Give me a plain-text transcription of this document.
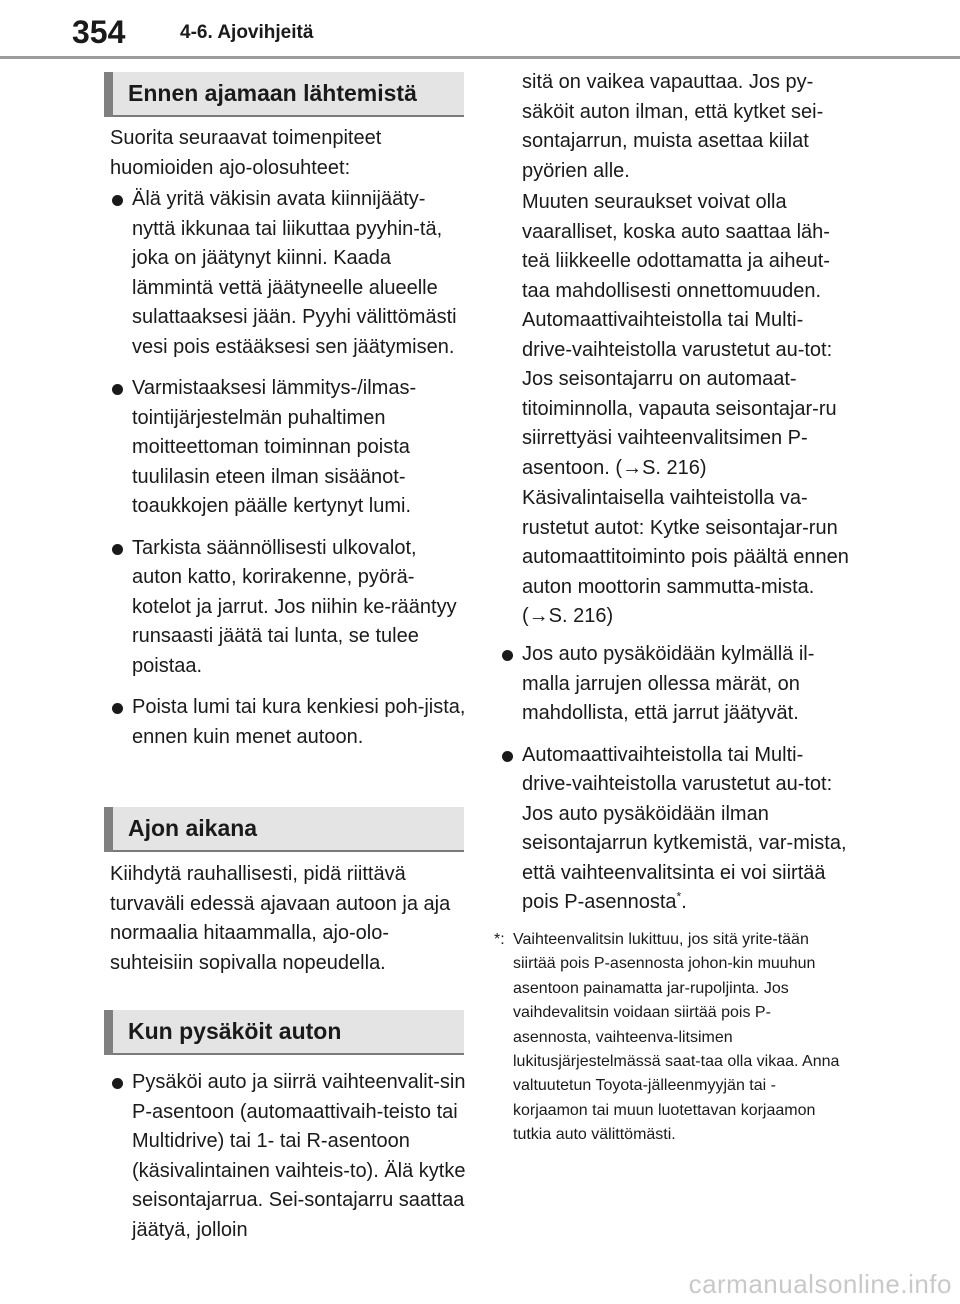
354	4-6. Ajovihjeitä
Ennen ajamaan lähtemistä

Suorita seuraavat toimenpiteet huomioiden ajo-olosuhteet:

Älä yritä väkisin avata kiinnijääty-nyttä ikkunaa tai liikuttaa pyyhin-tä, joka on jäätynyt kiinni. Kaada lämmintä vettä jäätyneelle alueelle sulattaaksesi jään. Pyyhi välittömästi vesi pois estääksesi sen jäätymisen.
Varmistaaksesi lämmitys-/ilmas-tointijärjestelmän puhaltimen moitteettoman toiminnan poista tuulilasin eteen ilman sisäänot-toaukkojen päälle kertynyt lumi.
Tarkista säännöllisesti ulkovalot, auton katto, korirakenne, pyörä-kotelot ja jarrut. Jos niihin ke-rääntyy runsaasti jäätä tai lunta, se tulee poistaa.
Poista lumi tai kura kenkiesi poh-jista, ennen kuin menet autoon.
Ajon aikana

Kiihdytä rauhallisesti, pidä riittävä turvaväli edessä ajavaan autoon ja aja normaalia hitaammalla, ajo-olo-suhteisiin sopivalla nopeudella.

Kun pysäköit auton
Pysäköi auto ja siirrä vaihteenvalit-sin P-asentoon (automaattivaih-teisto tai Multidrive) tai 1- tai R-asentoon (käsivalintainen vaihteis-to). Älä kytke seisontajarrua. Sei-sontajarru saattaa jäätyä, jolloin

sitä on vaikea vapauttaa. Jos py-säköit auton ilman, että kytket sei-sontajarrun, muista asettaa kiilat pyörien alle.

Muuten seuraukset voivat olla vaaralliset, koska auto saattaa läh-teä liikkeelle odottamatta ja aiheut-taa mahdollisesti onnettomuuden.

Automaattivaihteistolla tai Multi-drive-vaihteistolla varustetut au-tot: Jos seisontajarru on automaat-titoiminnolla, vapauta seisontajar-ru siirrettyäsi vaihteenvalitsimen P-asentoon. (→S. 216)

Käsivalintaisella vaihteistolla va-rustetut autot: Kytke seisontajar-run automaattitoiminto pois päältä ennen auton moottorin sammutta-mista. (→S. 216)

Jos auto pysäköidään kylmällä il-malla jarrujen ollessa märät, on mahdollista, että jarrut jäätyvät.
Automaattivaihteistolla tai Multi-drive-vaihteistolla varustetut au-tot: Jos auto pysäköidään ilman seisontajarrun kytkemistä, var-mista, että vaihteenvalitsinta ei voi siirtää pois P-asennosta*.
*: Vaihteenvalitsin lukittuu, jos sitä yrite-tään siirtää pois P-asennosta johon-kin muuhun asentoon painamatta jar-rupoljinta. Jos vaihdevalitsin voidaan siirtää pois P-asennosta, vaihteenva-litsimen lukitusjärjestelmässä saat-taa olla vikaa. Anna valtuutetun Toyota-jälleenmyyjän tai -korjaamon tai muun luotettavan korjaamon tutkia auto välittömästi.
carmanualsonline.info
